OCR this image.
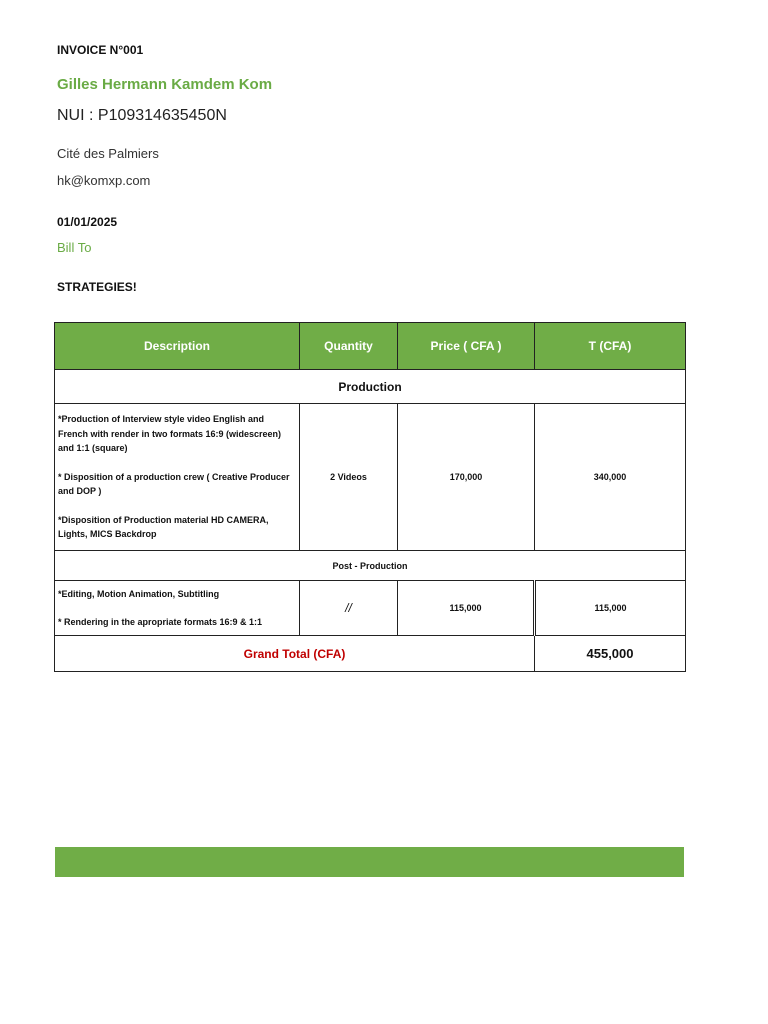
INVOICE N°001
Gilles Hermann Kamdem Kom
NUI : P109314635450N
Cité des Palmiers
hk@komxp.com
01/01/2025
Bill To
STRATEGIES!
Description	Quantity	Price ( CFA )	T (CFA)
Production			

*Production of Interview style video English and French with render in two formats 16:9 (widescreen) and 1:1 (square)

* Disposition of a production crew ( Creative Producer and DOP )

*Disposition of Production material HD CAMERA, Lights, MICS Backdrop	2 Videos	170,000	340,000
Post - Production			

*Editing, Motion Animation, Subtitling

* Rendering in the apropriate formats 16:9 & 1:1	//	115,000	115,000
Grand Total (CFA)			455,000
